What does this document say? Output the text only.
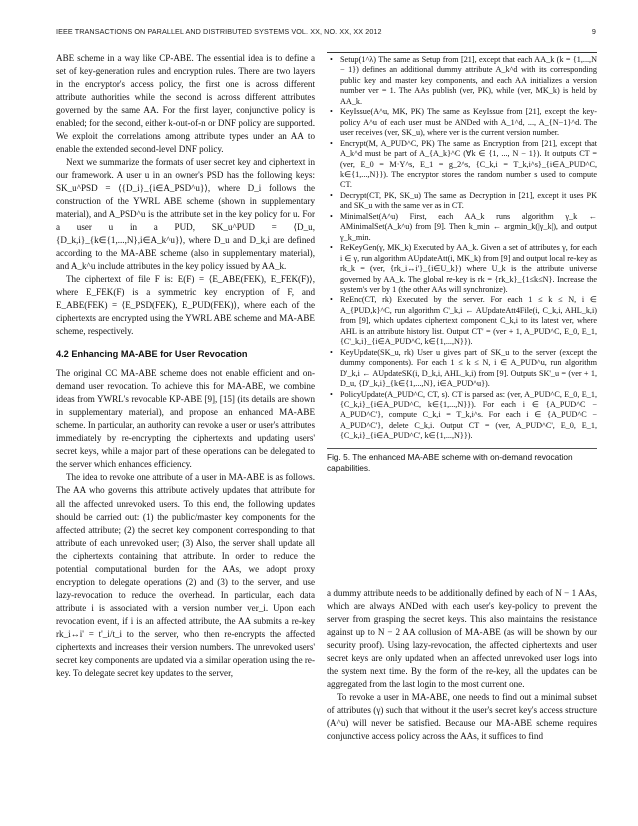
IEEE TRANSACTIONS ON PARALLEL AND DISTRIBUTED SYSTEMS VOL. XX, NO. XX, XX 2012	9

ABE scheme in a way like CP-ABE. The essential idea is to define a set of key-generation rules and encryption rules. There are two layers in the encryptor's access policy, the first one is across different attribute authorities while the second is across different attributes governed by the same AA. For the first layer, conjunctive policy is enabled; for the second, either k-out-of-n or DNF policy are supported. We exploit the correlations among attribute types under an AA to enable the extended second-level DNF policy.

Next we summarize the formats of user secret key and ciphertext in our framework. A user u in an owner's PSD has the following keys: SK_u^PSD = ⟨{D_i}_{i∈A_PSD^u}⟩, where D_i follows the construction of the YWRL ABE scheme (shown in supplementary material), and A_PSD^u is the attribute set in the key policy for u. For a user u in a PUD, SK_u^PUD = ⟨D_u, {D_k,i}_{k∈{1,...,N},i∈A_k^u}⟩, where D_u and D_k,i are defined according to the MA-ABE scheme (also in supplementary material), and A_k^u include attributes in the key policy issued by AA_k.

The ciphertext of file F is: E(F) = ⟨E_ABE(FEK), E_FEK(F)⟩, where E_FEK(F) is a symmetric key encryption of F, and E_ABE(FEK) = ⟨E_PSD(FEK), E_PUD(FEK)⟩, where each of the ciphertexts are encrypted using the YWRL ABE scheme and MA-ABE scheme, respectively.

4.2 Enhancing MA-ABE for User Revocation

The original CC MA-ABE scheme does not enable efficient and on-demand user revocation. To achieve this for MA-ABE, we combine ideas from YWRL's revocable KP-ABE [9], [15] (its details are shown in supplementary material), and propose an enhanced MA-ABE scheme. In particular, an authority can revoke a user or user's attributes immediately by re-encrypting the ciphertexts and updating users' secret keys, while a major part of these operations can be delegated to the server which enhances efficiency.

The idea to revoke one attribute of a user in MA-ABE is as follows. The AA who governs this attribute actively updates that attribute for all the affected unrevoked users. To this end, the following updates should be carried out: (1) the public/master key components for the affected attribute; (2) the secret key component corresponding to that attribute of each unrevoked user; (3) Also, the server shall update all the ciphertexts containing that attribute. In order to reduce the potential computational burden for the AAs, we adopt proxy encryption to delegate operations (2) and (3) to the server, and use lazy-revocation to reduce the overhead. In particular, each data attribute i is associated with a version number ver_i. Upon each revocation event, if i is an affected attribute, the AA submits a re-key rk_i↔i' = t'_i/t_i to the server, who then re-encrypts the affected ciphertexts and increases their version numbers. The unrevoked users' secret key components are updated via a similar operation using the re-key. To delegate secret key updates to the server,

• Setup(1^λ) The same as Setup from [21], except that each AA_k (k = {1,...,N − 1}) defines an additional dummy attribute A_k^d with its corresponding public key and master key components, and each AA initializes a version number ver = 1. The AAs publish (ver, PK), while (ver, MK_k) is held by AA_k.
• KeyIssue(A^u, MK, PK) The same as KeyIssue from [21], except the key-policy A^u of each user must be ANDed with A_1^d, ..., A_{N−1}^d. The user receives (ver, SK_u), where ver is the current version number.
• Encrypt(M, A_PUD^C, PK) The same as Encryption from [21], except that A_k^d must be part of A_{A_k}^C (∀k ∈ {1, ..., N − 1}). It outputs CT = (ver, E_0 = M·Y^s, E_1 = g_2^s, {C_k,i = T_k,i^s}_{i∈A_PUD^C, k∈{1,...,N}}). The encryptor stores the random number s used to compute CT.
• Decrypt(CT, PK, SK_u) The same as Decryption in [21], except it uses PK and SK_u with the same ver as in CT.
• MinimalSet(A^u) First, each AA_k runs algorithm γ_k ← AMinimalSet(A_k^u) from [9]. Then k_min ← argmin_k(|γ_k|), and output γ_k_min.
• ReKeyGen(γ, MK_k) Executed by AA_k. Given a set of attributes γ, for each i ∈ γ, run algorithm AUpdateAtt(i, MK_k) from [9] and output local re-key as rk_k = (ver, {rk_i↔i'}_{i∈U_k}) where U_k is the attribute universe governed by AA_k. The global re-key is rk = {rk_k}_{1≤k≤N}. Increase the system's ver by 1 (the other AAs will synchronize).
• ReEnc(CT, rk) Executed by the server. For each 1 ≤ k ≤ N, i ∈ A_{PUD,k}^C, run algorithm C'_k,i ← AUpdateAtt4File(i, C_k,i, AHL_k,i) from [9], which updates ciphertext component C_k,i to its latest ver, where AHL is an attribute history list. Output CT' = (ver + 1, A_PUD^C, E_0, E_1, {C'_k,i}_{i∈A_PUD^C, k∈{1,...,N}}).
• KeyUpdate(SK_u, rk) User u gives part of SK_u to the server (except the dummy components). For each 1 ≤ k ≤ N, i ∈ A_PUD^u, run algorithm D'_k,i ← AUpdateSK(i, D_k,i, AHL_k,i) from [9]. Outputs SK'_u = (ver + 1, D_u, {D'_k,i}_{k∈{1,...,N}, i∈A_PUD^u}).
• PolicyUpdate(A_PUD^C, CT, s). CT is parsed as: (ver, A_PUD^C, E_0, E_1, {C_k,i}_{i∈A_PUD^C, k∈{1,...,N}}). For each i ∈ {A_PUD^C − A_PUD^C'}, compute C_k,i = T_k,i^s. For each i ∈ {A_PUD^C − A_PUD^C'}, delete C_k,i. Output CT = (ver, A_PUD^C', E_0, E_1, {C_k,i}_{i∈A_PUD^C', k∈{1,...,N}}).
Fig. 5. The enhanced MA-ABE scheme with on-demand revocation capabilities.

a dummy attribute needs to be additionally defined by each of N − 1 AAs, which are always ANDed with each user's key-policy to prevent the server from grasping the secret keys. This also maintains the resistance against up to N − 2 AA collusion of MA-ABE (as will be shown by our security proof). Using lazy-revocation, the affected ciphertexts and user secret keys are only updated when an affected unrevoked user logs into the system next time. By the form of the re-key, all the updates can be aggregated from the last login to the most current one.

To revoke a user in MA-ABE, one needs to find out a minimal subset of attributes (γ) such that without it the user's secret key's access structure (A^u) will never be satisfied. Because our MA-ABE scheme requires conjunctive access policy across the AAs, it suffices to find
